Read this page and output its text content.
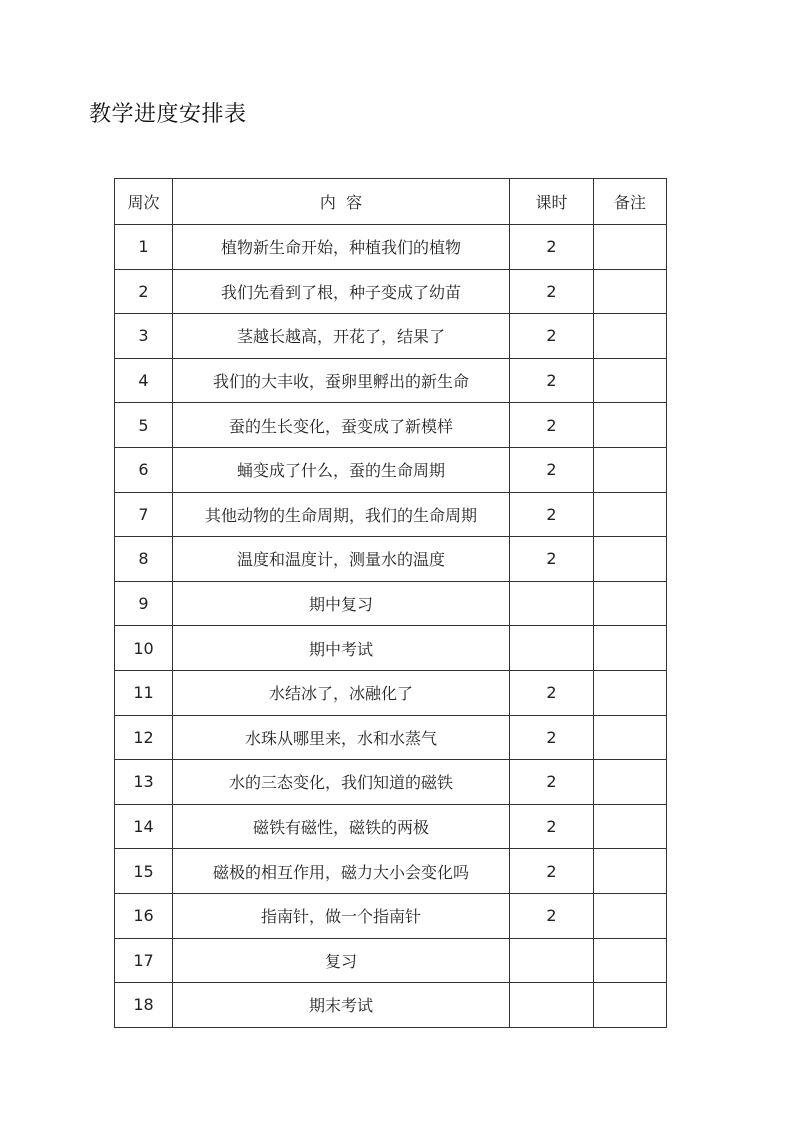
教学进度安排表
周次	内  容	课时	备注
1	植物新生命开始，种植我们的植物	2	
2	我们先看到了根，种子变成了幼苗	2	
3	茎越长越高，开花了，结果了	2	
4	我们的大丰收，蚕卵里孵出的新生命	2	
5	蚕的生长变化，蚕变成了新模样	2	
6	蛹变成了什么，蚕的生命周期	2	
7	其他动物的生命周期，我们的生命周期	2	
8	温度和温度计，测量水的温度	2	
9	期中复习		
10	期中考试		
11	水结冰了，冰融化了	2	
12	水珠从哪里来，水和水蒸气	2	
13	水的三态变化，我们知道的磁铁	2	
14	磁铁有磁性，磁铁的两极	2	
15	磁极的相互作用，磁力大小会变化吗	2	
16	指南针，做一个指南针	2	
17	复习		
18	期末考试		
